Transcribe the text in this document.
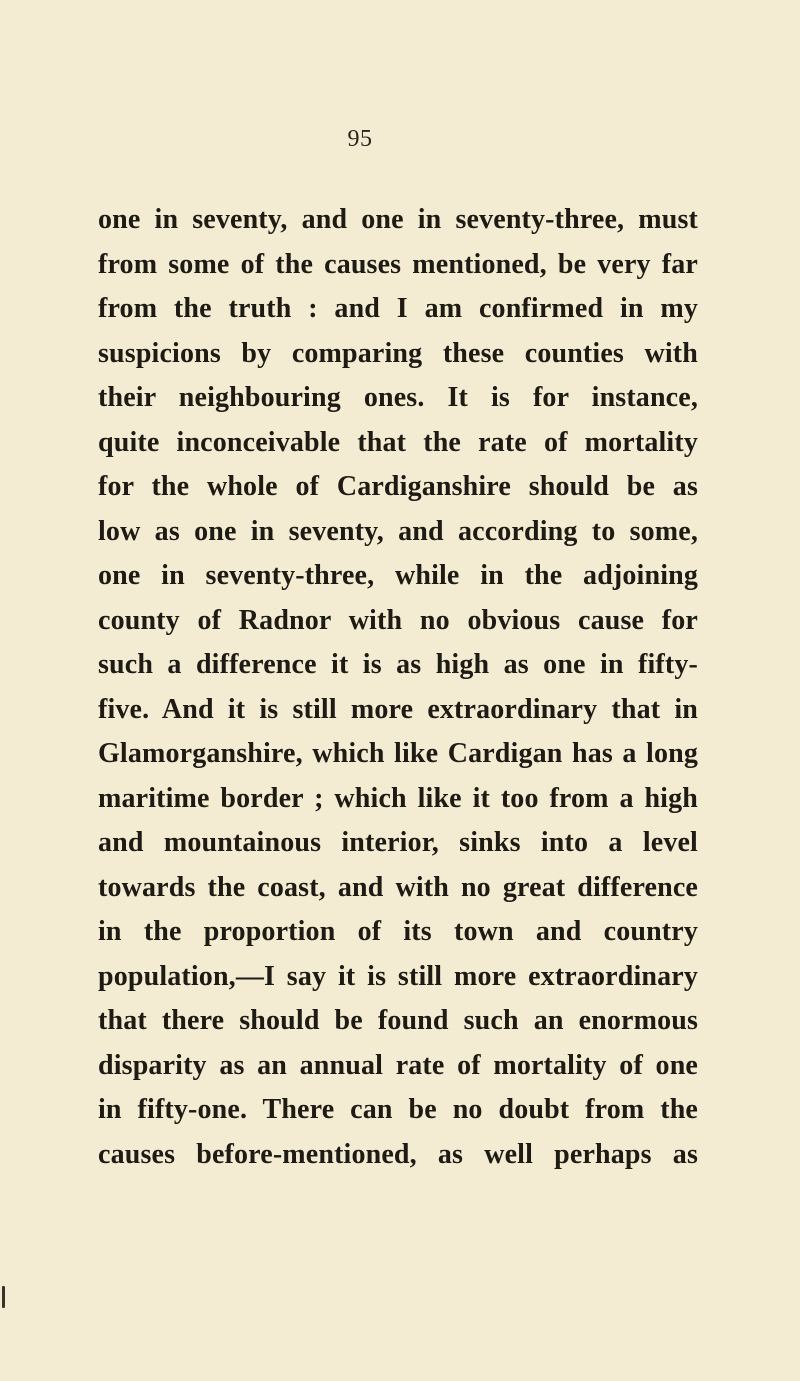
95
one in seventy, and one in seventy-three, must
from some of the causes mentioned, be very far
from the truth : and I am confirmed in my
suspicions by comparing these counties with
their neighbouring ones. It is for instance,
quite inconceivable that the rate of mortality
for the whole of Cardiganshire should be as
low as one in seventy, and according to some,
one in seventy-three, while in the adjoining
county of Radnor with no obvious cause for
such a difference it is as high as one in fifty-
five. And it is still more extraordinary that in
Glamorganshire, which like Cardigan has a long
maritime border ; which like it too from a high
and mountainous interior, sinks into a level
towards the coast, and with no great difference
in the proportion of its town and country
population,—I say it is still more extraordinary
that there should be found such an enormous
disparity as an annual rate of mortality of one
in fifty-one. There can be no doubt from the
causes before-mentioned, as well perhaps as
